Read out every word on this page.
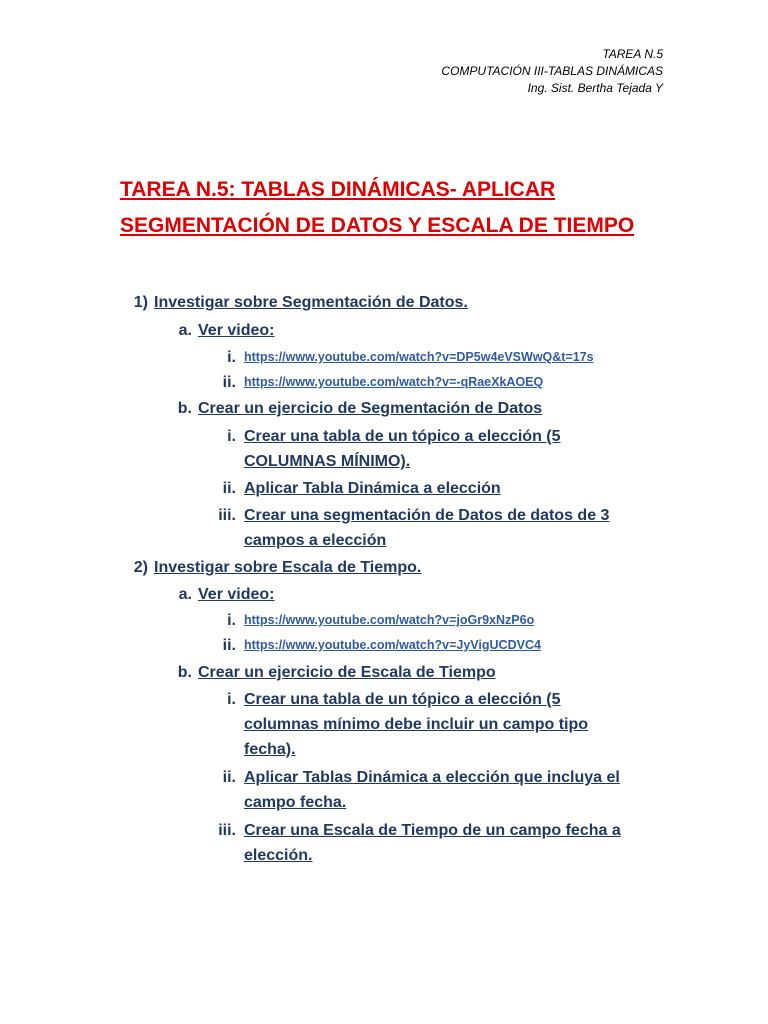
TAREA N.5
COMPUTACIÓN III-TABLAS DINÁMICAS
Ing. Sist. Bertha Tejada Y
TAREA N.5: TABLAS DINÁMICAS- APLICAR
SEGMENTACIÓN DE DATOS Y ESCALA DE TIEMPO
1) Investigar sobre Segmentación de Datos.
a. Ver video:
i. https://www.youtube.com/watch?v=DP5w4eVSWwQ&t=17s
ii. https://www.youtube.com/watch?v=-qRaeXkAOEQ
b. Crear un ejercicio de Segmentación de Datos
i. Crear una tabla de un tópico a elección (5
COLUMNAS MÍNIMO).
ii. Aplicar Tabla Dinámica a elección
iii. Crear una segmentación de Datos de datos de 3
campos a elección
2) Investigar sobre Escala de Tiempo.
a. Ver video:
i. https://www.youtube.com/watch?v=joGr9xNzP6o
ii. https://www.youtube.com/watch?v=JyVigUCDVC4
b. Crear un ejercicio de Escala de Tiempo
i. Crear una tabla de un tópico a elección (5
columnas mínimo debe incluir un campo tipo
fecha).
ii. Aplicar Tablas Dinámica a elección que incluya el
campo fecha.
iii. Crear una Escala de Tiempo de un campo fecha a
elección.
